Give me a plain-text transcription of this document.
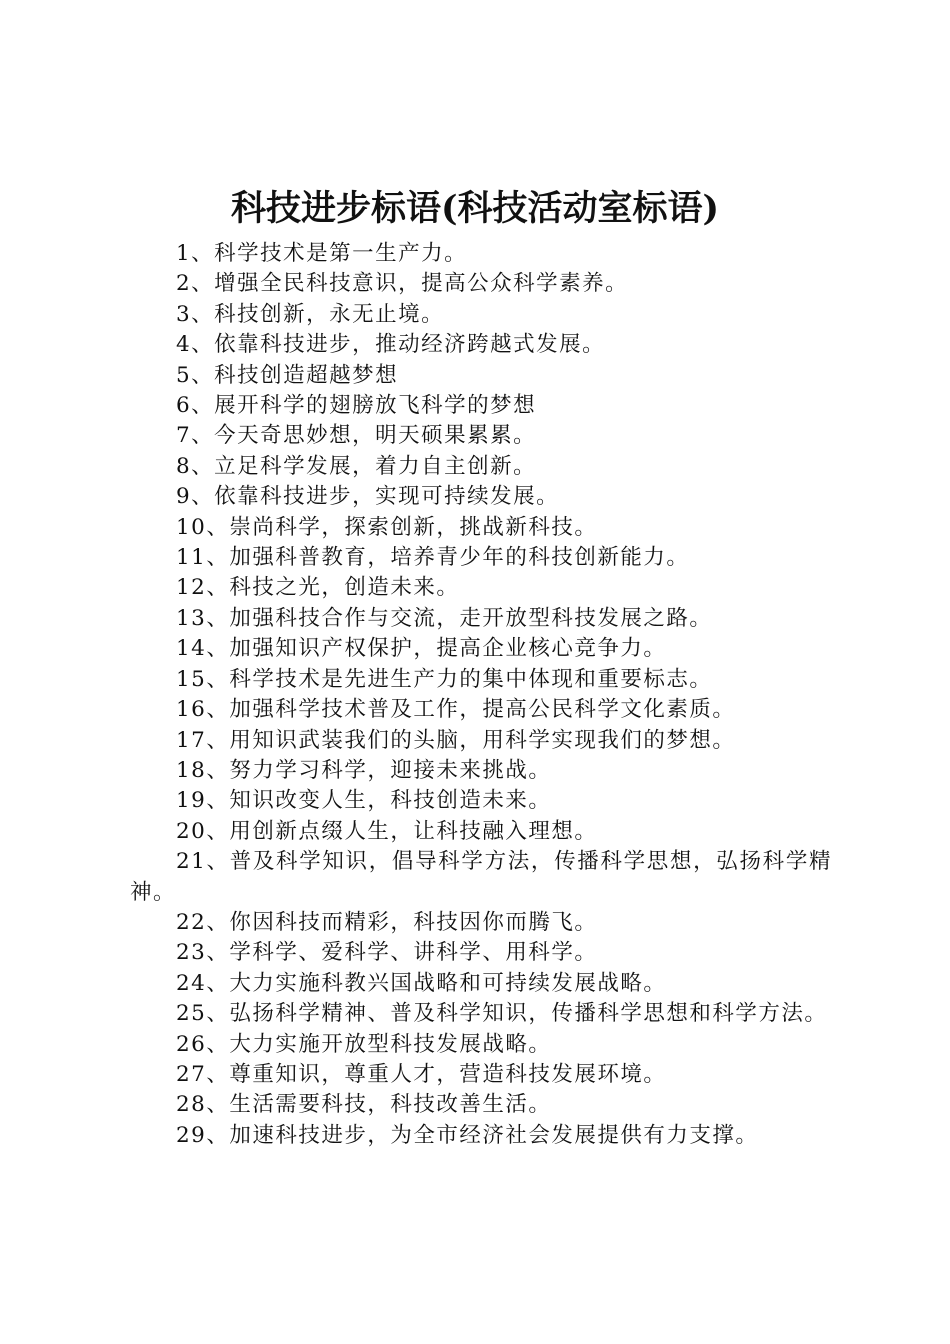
科技进步标语(科技活动室标语)

1、科学技术是第一生产力。

2、增强全民科技意识，提高公众科学素养。

3、科技创新，永无止境。

4、依靠科技进步，推动经济跨越式发展。

5、科技创造超越梦想

6、展开科学的翅膀放飞科学的梦想

7、今天奇思妙想，明天硕果累累。

8、立足科学发展，着力自主创新。

9、依靠科技进步，实现可持续发展。

10、崇尚科学，探索创新，挑战新科技。

11、加强科普教育，培养青少年的科技创新能力。

12、科技之光，创造未来。

13、加强科技合作与交流，走开放型科技发展之路。

14、加强知识产权保护，提高企业核心竞争力。

15、科学技术是先进生产力的集中体现和重要标志。

16、加强科学技术普及工作，提高公民科学文化素质。

17、用知识武装我们的头脑，用科学实现我们的梦想。

18、努力学习科学，迎接未来挑战。

19、知识改变人生，科技创造未来。

20、用创新点缀人生，让科技融入理想。

21、普及科学知识，倡导科学方法，传播科学思想，弘扬科学精神。

22、你因科技而精彩，科技因你而腾飞。

23、学科学、爱科学、讲科学、用科学。

24、大力实施科教兴国战略和可持续发展战略。

25、弘扬科学精神、普及科学知识，传播科学思想和科学方法。

26、大力实施开放型科技发展战略。

27、尊重知识，尊重人才，营造科技发展环境。

28、生活需要科技，科技改善生活。

29、加速科技进步，为全市经济社会发展提供有力支撑。
